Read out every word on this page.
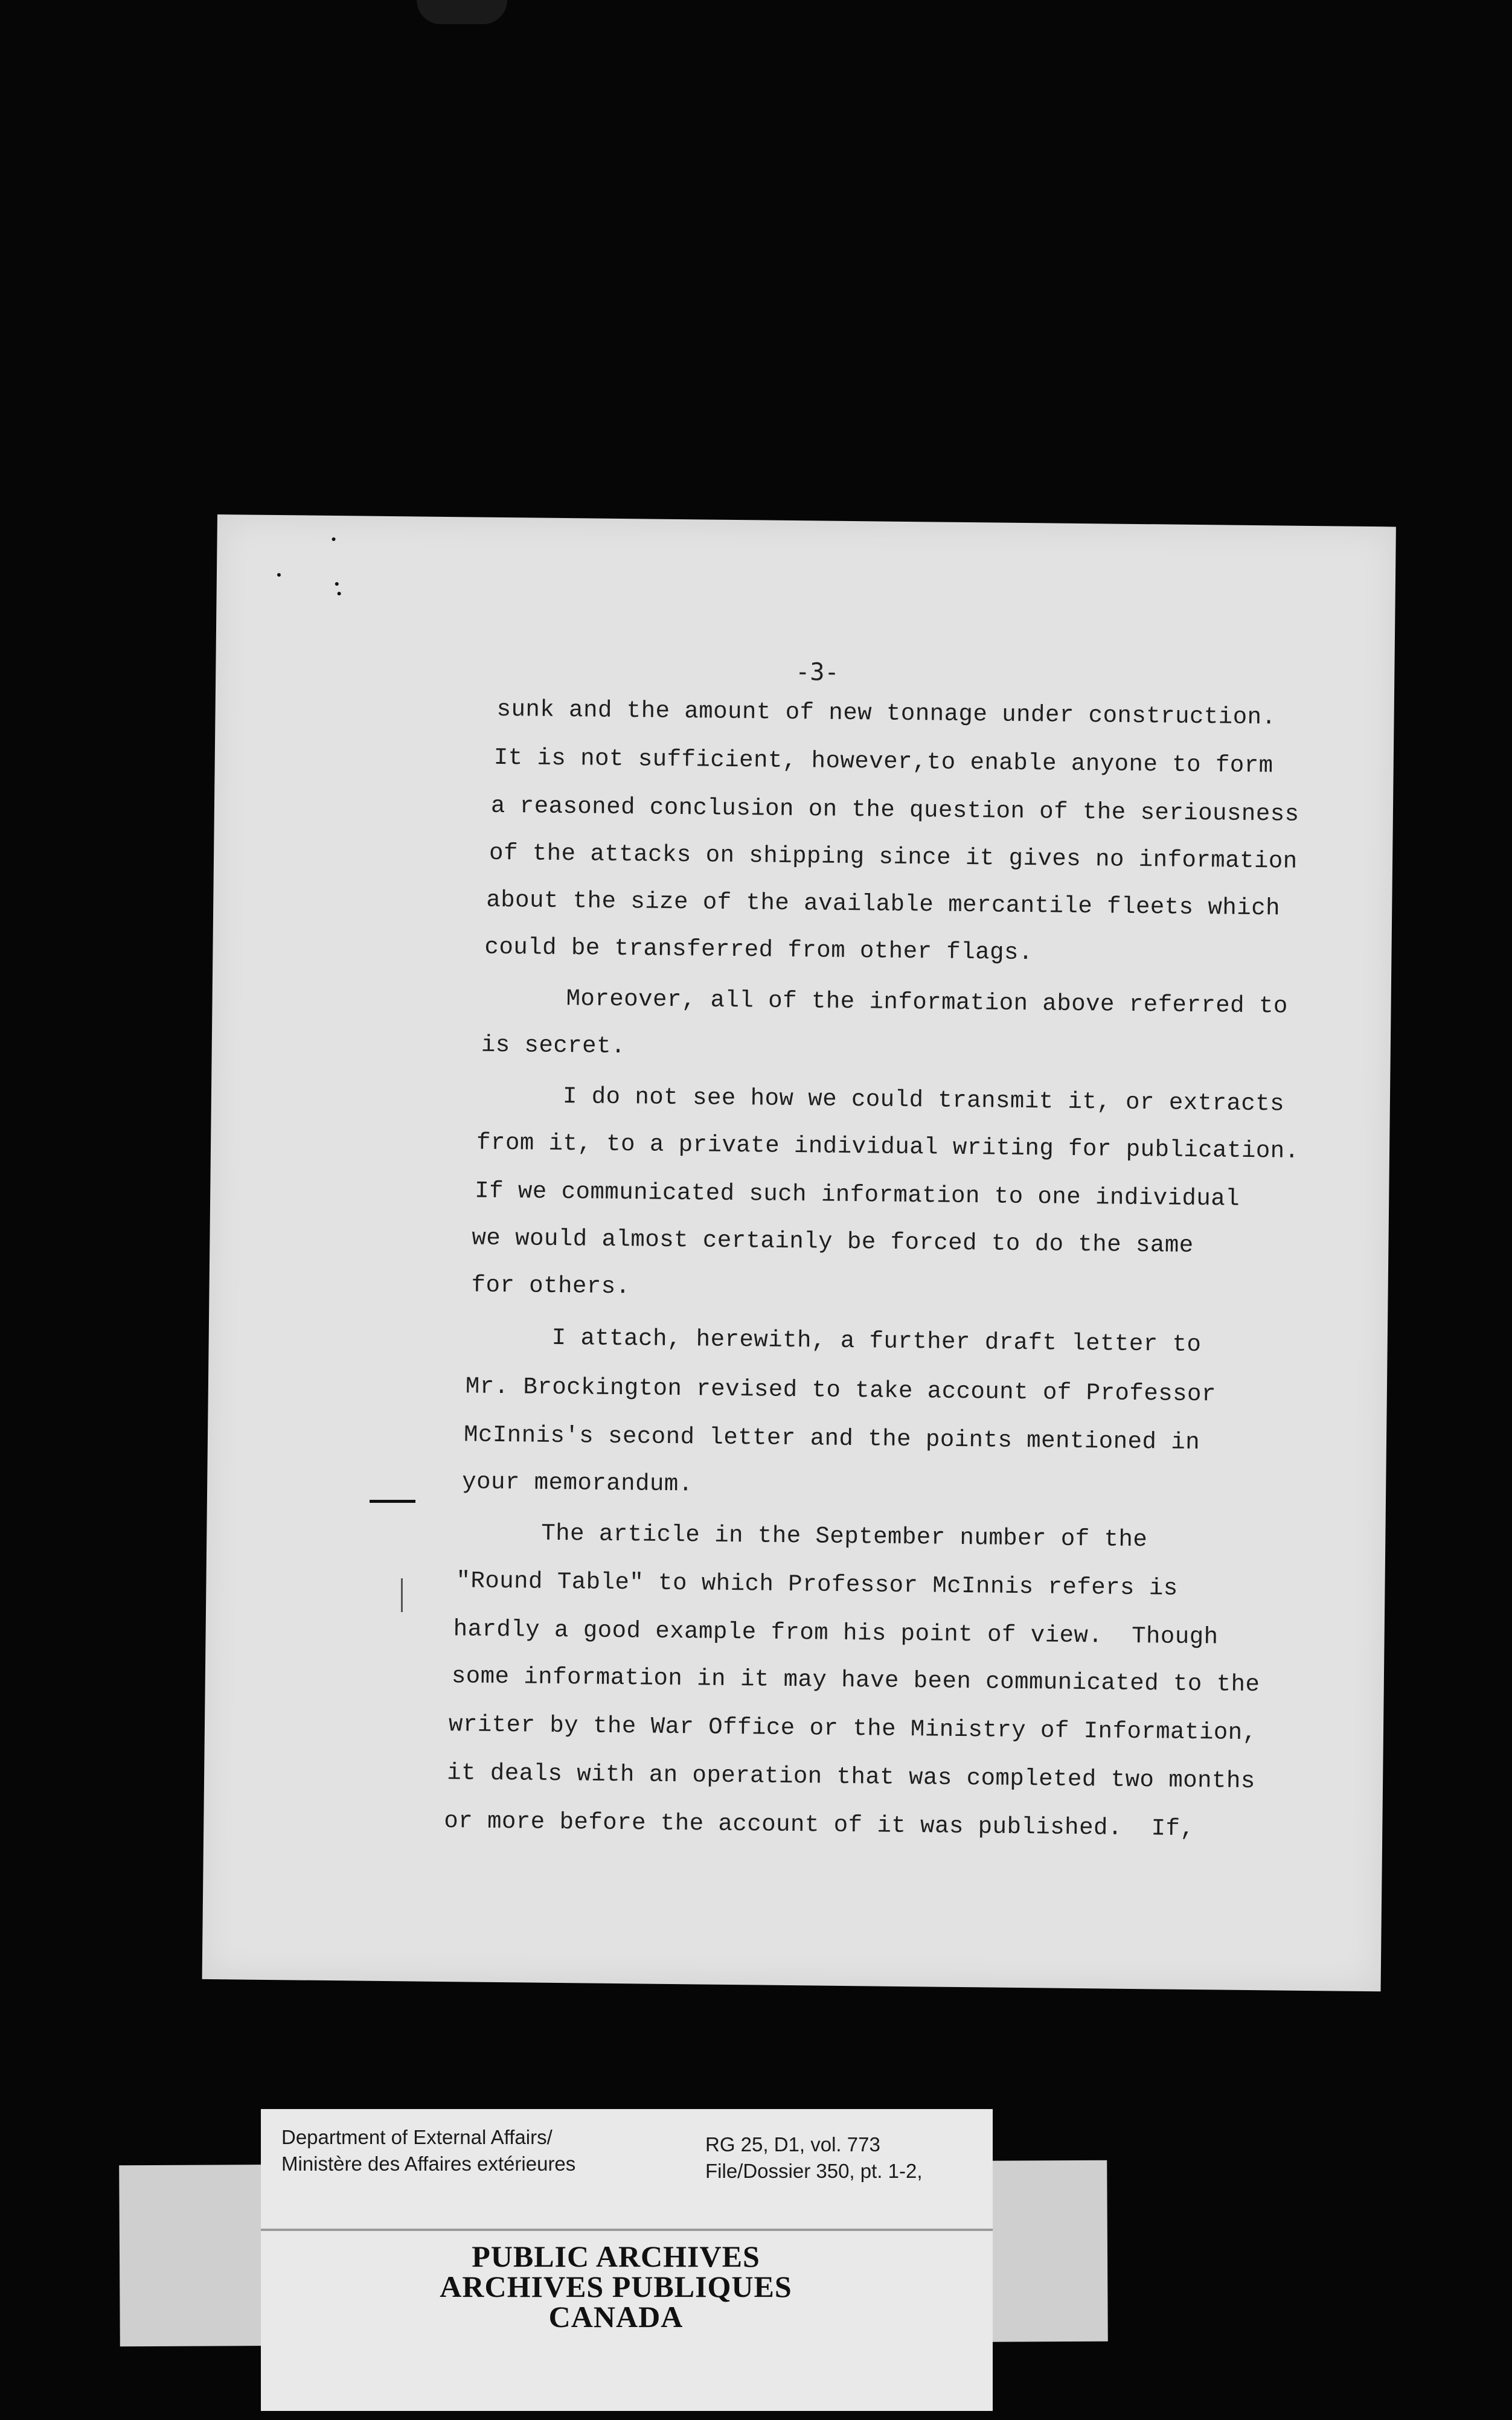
-3-
sunk and the amount of new tonnage under construction.
It is not sufficient, however,to enable anyone to form
a reasoned conclusion on the question of the seriousness
of the attacks on shipping since it gives no information
about the size of the available mercantile fleets which
could be transferred from other flags.
Moreover, all of the information above referred to
is secret.
I do not see how we could transmit it, or extracts
from it, to a private individual writing for publication.
If we communicated such information to one individual
we would almost certainly be forced to do the same
for others.
I attach, herewith, a further draft letter to
Mr. Brockington revised to take account of Professor
McInnis's second letter and the points mentioned in
your memorandum.
The article in the September number of the
"Round Table" to which Professor McInnis refers is
hardly a good example from his point of view.  Though
some information in it may have been communicated to the
writer by the War Office or the Ministry of Information,
it deals with an operation that was completed two months
or more before the account of it was published.  If,
Department of External Affairs/
Ministère des Affaires extérieures
RG 25, D1, vol. 773
File/Dossier 350, pt. 1-2,
PUBLIC ARCHIVES
ARCHIVES PUBLIQUES
CANADA
